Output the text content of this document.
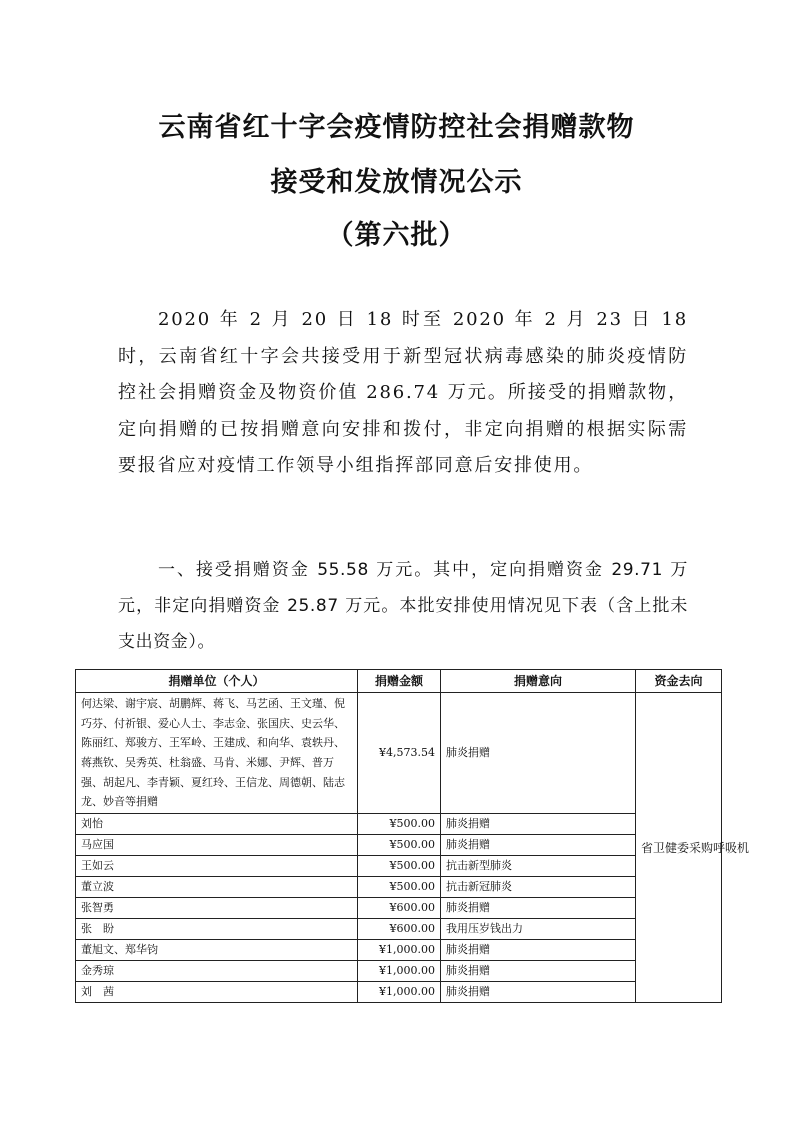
云南省红十字会疫情防控社会捐赠款物
接受和发放情况公示
（第六批）

2020 年 2 月 20 日 18 时至 2020 年 2 月 23 日 18 时，云南省红十字会共接受用于新型冠状病毒感染的肺炎疫情防控社会捐赠资金及物资价值 286.74 万元。所接受的捐赠款物，定向捐赠的已按捐赠意向安排和拨付，非定向捐赠的根据实际需要报省应对疫情工作领导小组指挥部同意后安排使用。

一、接受捐赠资金 55.58 万元。其中，定向捐赠资金 29.71 万元，非定向捐赠资金 25.87 万元。本批安排使用情况见下表（含上批未支出资金）。

捐赠单位（个人）	捐赠金额	捐赠意向	资金去向
何达梁、谢宇宸、胡鹏辉、蒋飞、马艺函、王文瑾、倪巧芬、付祈银、爱心人士、李志金、张国庆、史云华、陈丽红、郑骏方、王军岭、王建成、和向华、袁轶丹、蒋燕钦、吴秀英、杜翁盛、马肯、米娜、尹辉、普万强、胡起凡、李青颖、夏红玲、王信龙、周德朝、陆志龙、妙音等捐赠	¥4,573.54	肺炎捐赠	省卫健委采购呼吸机
刘怡	¥500.00	肺炎捐赠	
马应国	¥500.00	肺炎捐赠	
王如云	¥500.00	抗击新型肺炎	
董立波	¥500.00	抗击新冠肺炎	
张智勇	¥600.00	肺炎捐赠	
张　盼	¥600.00	我用压岁钱出力	
董旭文、郑华钧	¥1,000.00	肺炎捐赠	
金秀琼	¥1,000.00	肺炎捐赠	
刘　茜	¥1,000.00	肺炎捐赠	
